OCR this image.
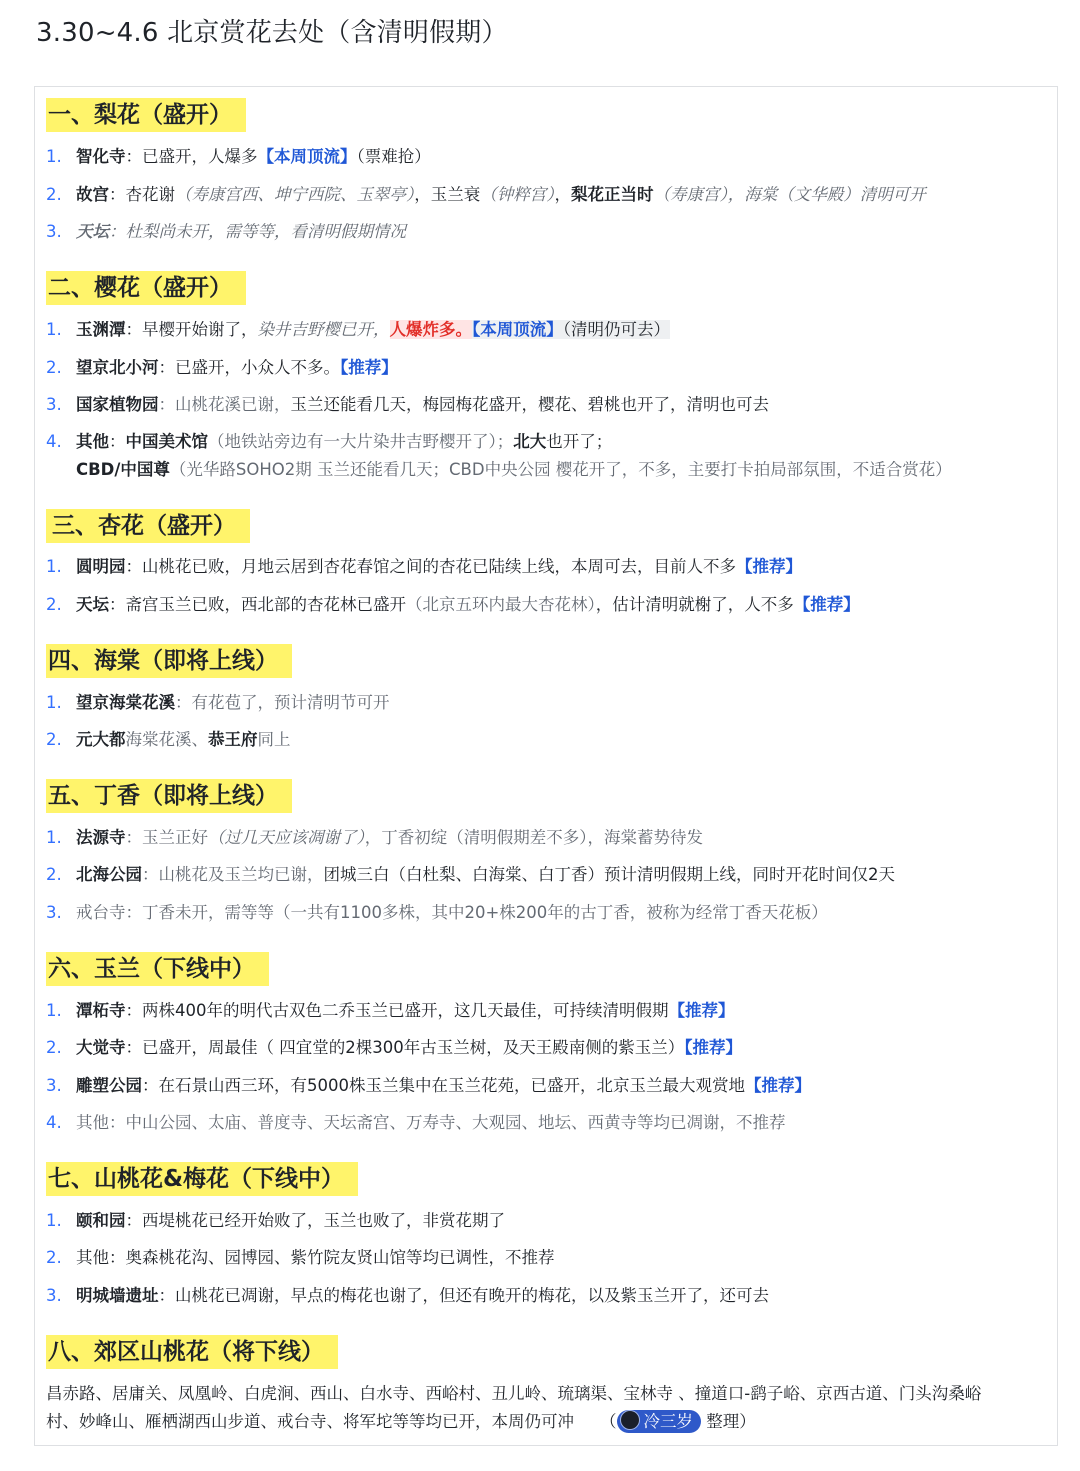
3.30~4.6 北京赏花去处（含清明假期）
一、梨花（盛开）
1. 智化寺：已盛开，人爆多【本周顶流】（票难抢）
2. 故宫：杏花谢（寿康宫西、坤宁西院、玉翠亭），玉兰衰（钟粹宫），梨花正当时（寿康宫），海棠（文华殿）清明可开
3. 天坛：杜梨尚未开，需等等，看清明假期情况
二、樱花（盛开）
1. 玉渊潭：早樱开始谢了，染井吉野樱已开，人爆炸多。【本周顶流】（清明仍可去）
2. 望京北小河：已盛开，小众人不多。【推荐】
3. 国家植物园：山桃花溪已谢，玉兰还能看几天，梅园梅花盛开，樱花、碧桃也开了，清明也可去
4. 其他：中国美术馆（地铁站旁边有一大片染井吉野樱开了）；北大也开了；
CBD/中国尊（光华路SOHO2期 玉兰还能看几天；CBD中央公园 樱花开了，不多，主要打卡拍局部氛围，不适合赏花）
三、杏花（盛开）
1. 圆明园：山桃花已败，月地云居到杏花春馆之间的杏花已陆续上线，本周可去，目前人不多【推荐】
2. 天坛：斋宫玉兰已败，西北部的杏花林已盛开（北京五环内最大杏花林），估计清明就榭了，人不多【推荐】
四、海棠（即将上线）
1. 望京海棠花溪：有花苞了，预计清明节可开
2. 元大都海棠花溪、恭王府同上
五、丁香（即将上线）
1. 法源寺：玉兰正好（过几天应该凋谢了），丁香初绽（清明假期差不多），海棠蓄势待发
2. 北海公园：山桃花及玉兰均已谢，团城三白（白杜梨、白海棠、白丁香）预计清明假期上线，同时开花时间仅2天
3. 戒台寺：丁香未开，需等等（一共有1100多株，其中20+株200年的古丁香，被称为经常丁香天花板）
六、玉兰（下线中）
1. 潭柘寺：两株400年的明代古双色二乔玉兰已盛开，这几天最佳，可持续清明假期【推荐】
2. 大觉寺：已盛开，周最佳（ 四宜堂的2棵300年古玉兰树，及天王殿南侧的紫玉兰）【推荐】
3. 雕塑公园：在石景山西三环，有5000株玉兰集中在玉兰花苑，已盛开，北京玉兰最大观赏地【推荐】
4. 其他：中山公园、太庙、普度寺、天坛斋宫、万寿寺、大观园、地坛、西黄寺等均已凋谢，不推荐
七、山桃花&梅花（下线中）
1. 颐和园：西堤桃花已经开始败了，玉兰也败了，非赏花期了
2. 其他：奥森桃花沟、园博园、紫竹院友贤山馆等均已调性，不推荐
3. 明城墙遗址：山桃花已凋谢，早点的梅花也谢了，但还有晚开的梅花，以及紫玉兰开了，还可去
八、郊区山桃花（将下线）
昌赤路、居庸关、凤凰岭、白虎涧、西山、白水寺、西峪村、丑儿岭、琉璃渠、宝林寺 、撞道口-鹞子峪、京西古道、门头沟桑峪
村、妙峰山、雁栖湖西山步道、戒台寺、将军坨等等均已开，本周仍可冲 （ 冷三岁 整理）
